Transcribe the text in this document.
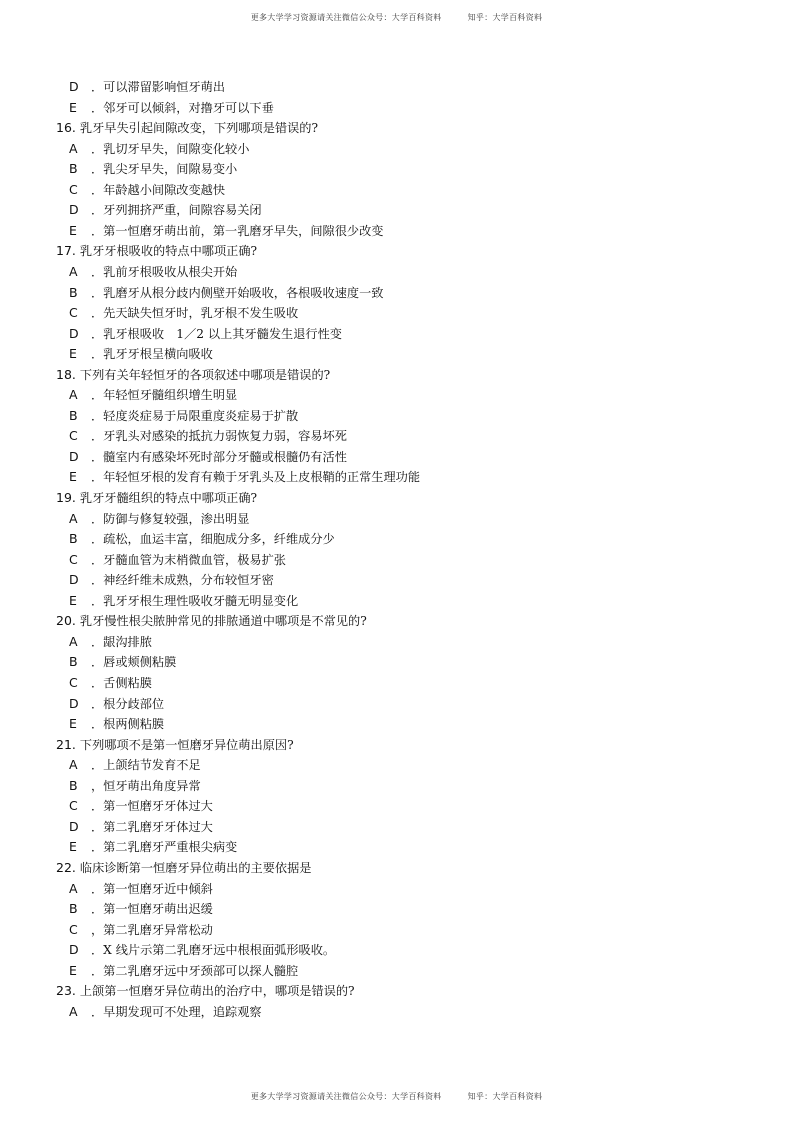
更多大学学习资源请关注微信公众号：大学百科资料	知乎：大学百科资料
D ．可以滞留影响恒牙萌出
E ．邻牙可以倾斜，对撸牙可以下垂
16. 乳牙早失引起间隙改变，下列哪项是错误的?
A ．乳切牙早失，间隙变化较小
B ．乳尖牙早失，间隙易变小
C ．年龄越小间隙改变越快
D ．牙列拥挤严重，间隙容易关闭
E ．第一恒磨牙萌出前，第一乳磨牙早失，间隙很少改变
17. 乳牙牙根吸收的特点中哪项正确?
A ．乳前牙根吸收从根尖开始
B ．乳磨牙从根分歧内侧壁开始吸收，各根吸收速度一致
C ．先天缺失恒牙时，乳牙根不发生吸收
D ．乳牙根吸收　1／2 以上其牙髓发生退行性变
E ．乳牙牙根呈横向吸收
18. 下列有关年轻恒牙的各项叙述中哪项是错误的?
A ．年轻恒牙髓组织增生明显
B ．轻度炎症易于局限重度炎症易于扩散
C ．牙乳头对感染的抵抗力弱恢复力弱，容易坏死
D ．髓室内有感染坏死时部分牙髓或根髓仍有活性
E ．年轻恒牙根的发育有赖于牙乳头及上皮根鞘的正常生理功能
19. 乳牙牙髓组织的特点中哪项正确?
A ．防御与修复较强，渗出明显
B ．疏松，血运丰富，细胞成分多，纤维成分少
C ．牙髓血管为末梢微血管，极易扩张
D ．神经纤维未成熟，分布较恒牙密
E ．乳牙牙根生理性吸收牙髓无明显变化
20. 乳牙慢性根尖脓肿常见的排脓通道中哪项是不常见的?
A ．龈沟排脓
B ．唇或颊侧粘膜
C ．舌侧粘膜
D ．根分歧部位
E ．根两侧粘膜
21. 下列哪项不是第一恒磨牙异位萌出原因?
A ．上颌结节发育不足
B ，恒牙萌出角度异常
C ．第一恒磨牙牙体过大
D ．第二乳磨牙牙体过大
E ．第二乳磨牙严重根尖病变
22. 临床诊断第一恒磨牙异位萌出的主要依据是
A ．第一恒磨牙近中倾斜
B ．第一恒磨牙萌出迟缓
C ，第二乳磨牙异常松动
D ．X 线片示第二乳磨牙远中根根面弧形吸收。
E ．第二乳磨牙远中牙颈部可以探人髓腔
23. 上颌第一恒磨牙异位萌出的治疗中，哪项是错误的?
A ．早期发现可不处理，追踪观察
更多大学学习资源请关注微信公众号：大学百科资料	知乎：大学百科资料
